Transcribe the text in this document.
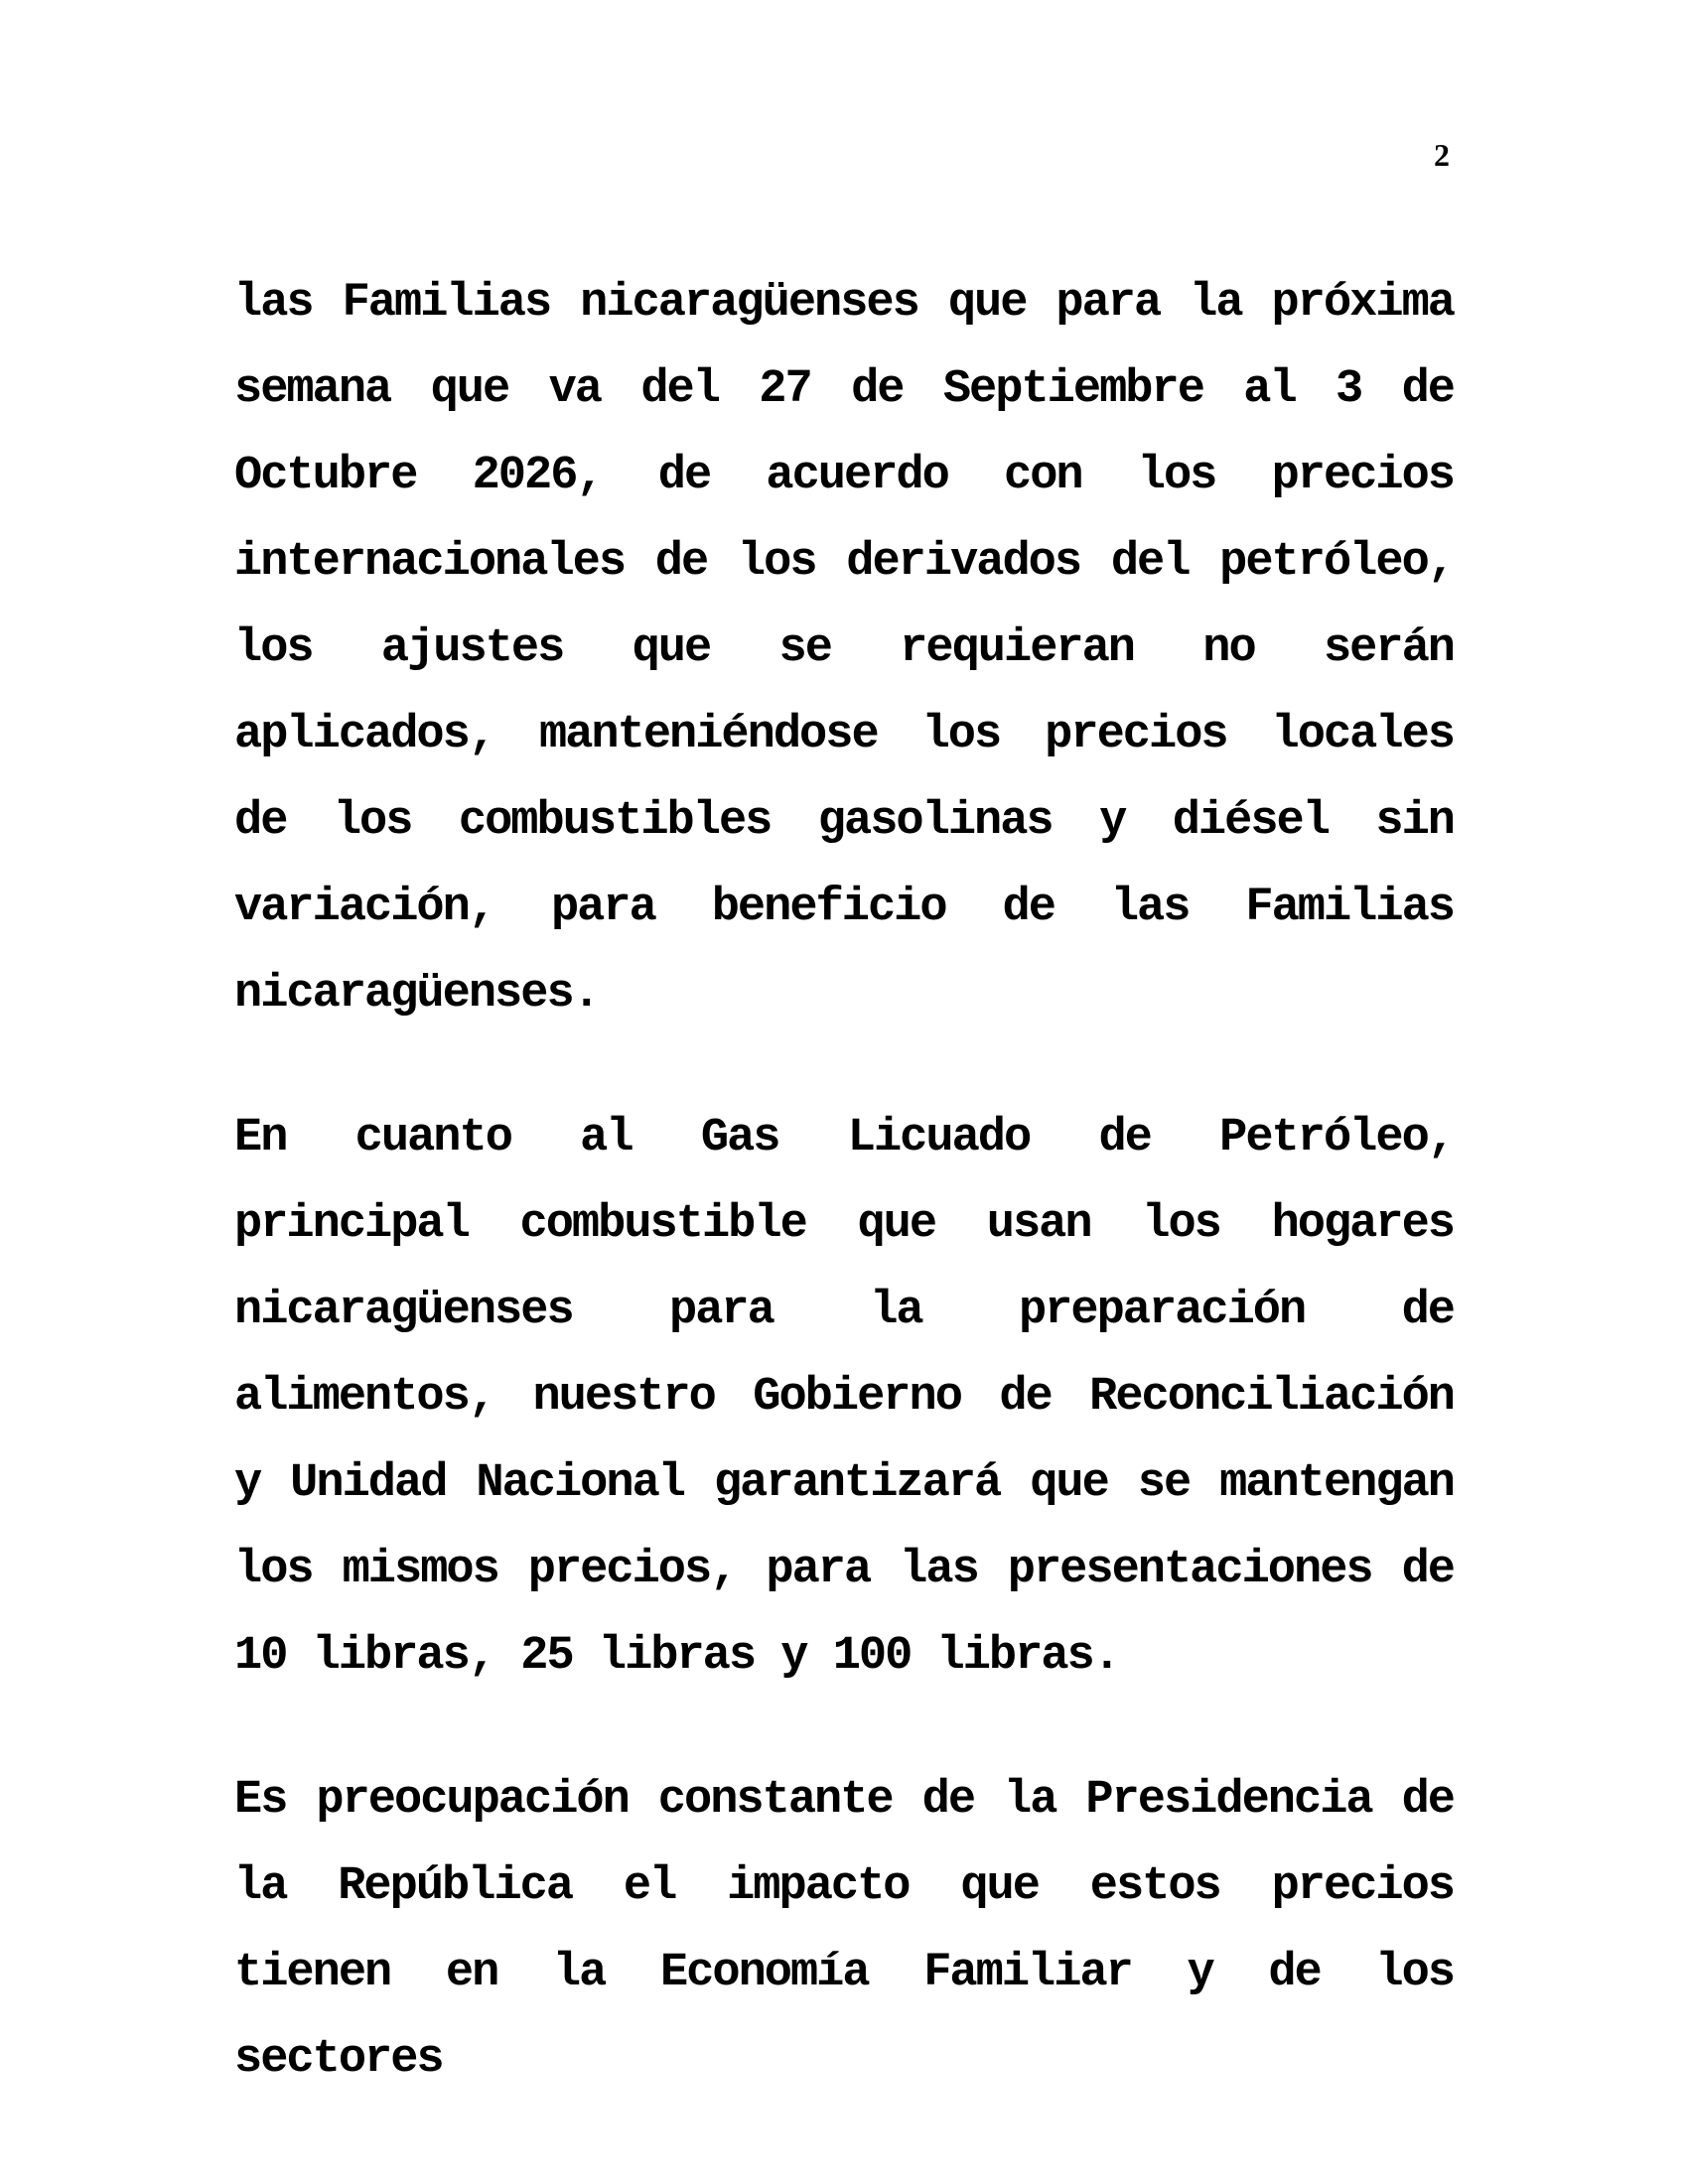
2

las Familias nicaragüenses que para la próxima semana que va del 27 de Septiembre al 3 de Octubre 2026, de acuerdo con los precios internacionales de los derivados del petróleo, los ajustes que se requieran no serán aplicados, manteniéndose los precios locales de los combustibles gasolinas y diésel sin variación, para beneficio de las Familias nicaragüenses.

En cuanto al Gas Licuado de Petróleo, principal combustible que usan los hogares nicaragüenses para la preparación de alimentos, nuestro Gobierno de Reconciliación y Unidad Nacional garantizará que se mantengan los mismos precios, para las presentaciones de 10 libras, 25 libras y 100 libras.

Es preocupación constante de la Presidencia de la República el impacto que estos precios tienen en la Economía Familiar y de los sectores
